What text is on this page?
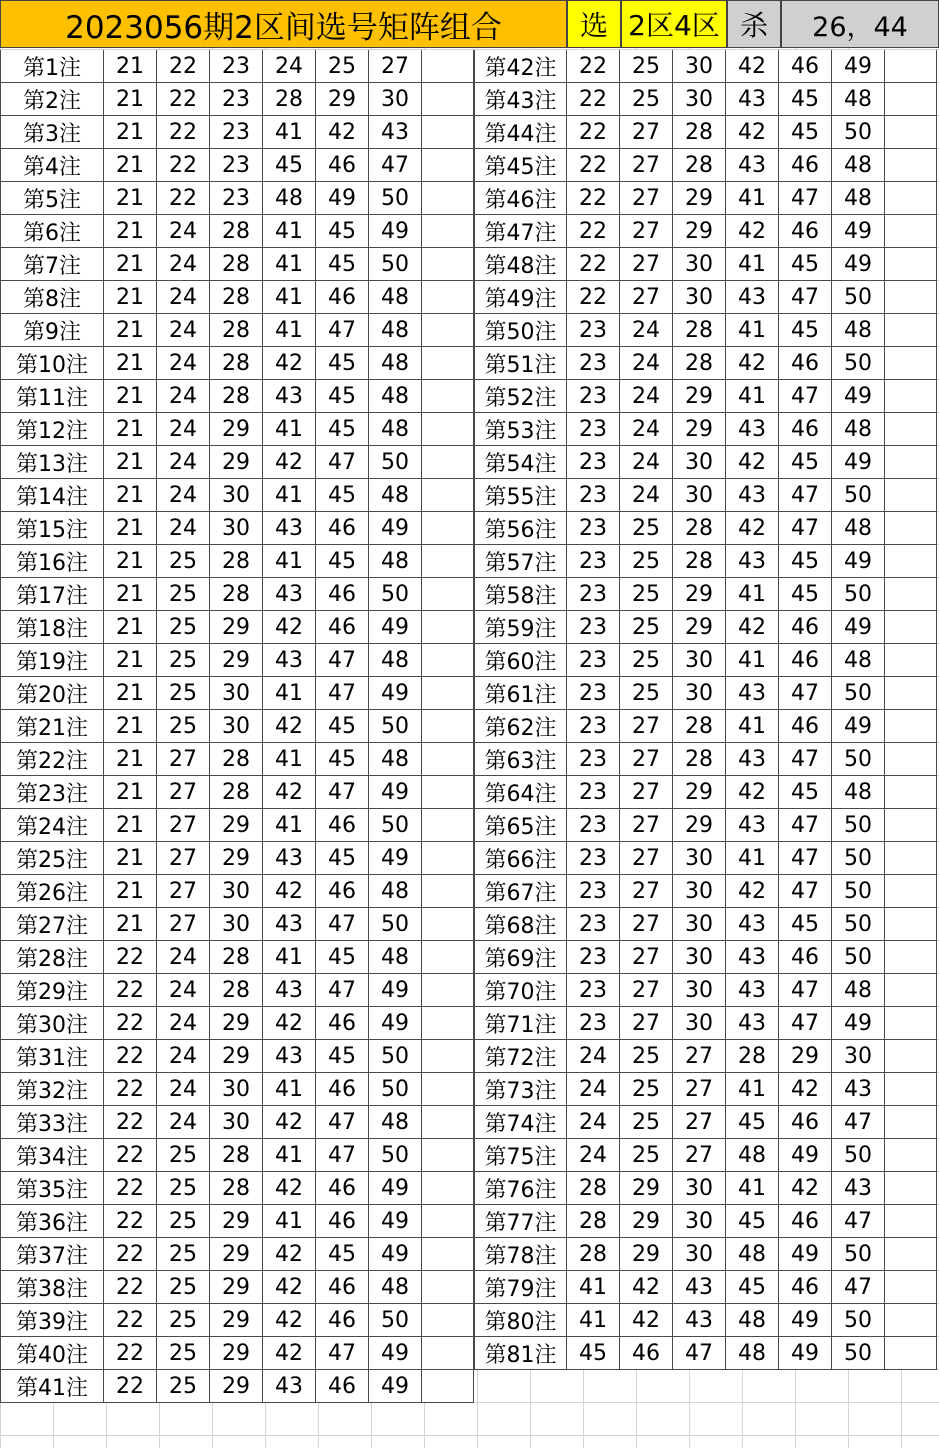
2023056期2区间选号矩阵组合	选 2区4区 杀	26，44
第1注	21	22	23	24	25	27
第2注	21	22	23	28	29	30
第3注	21	22	23	41	42	43
第4注	21	22	23	45	46	47
第5注	21	22	23	48	49	50
第6注	21	24	28	41	45	49
第7注	21	24	28	41	45	50
第8注	21	24	28	41	46	48
第9注	21	24	28	41	47	48
第10注	21	24	28	42	45	48
第11注	21	24	28	43	45	48
第12注	21	24	29	41	45	48
第13注	21	24	29	42	47	50
第14注	21	24	30	41	45	48
第15注	21	24	30	43	46	49
第16注	21	25	28	41	45	48
第17注	21	25	28	43	46	50
第18注	21	25	29	42	46	49
第19注	21	25	29	43	47	48
第20注	21	25	30	41	47	49
第21注	21	25	30	42	45	50
第22注	21	27	28	41	45	48
第23注	21	27	28	42	47	49
第24注	21	27	29	41	46	50
第25注	21	27	29	43	45	49
第26注	21	27	30	42	46	48
第27注	21	27	30	43	47	50
第28注	22	24	28	41	45	48
第29注	22	24	28	43	47	49
第30注	22	24	29	42	46	49
第31注	22	24	29	43	45	50
第32注	22	24	30	41	46	50
第33注	22	24	30	42	47	48
第34注	22	25	28	41	47	50
第35注	22	25	28	42	46	49
第36注	22	25	29	41	46	49
第37注	22	25	29	42	45	49
第38注	22	25	29	42	46	48
第39注	22	25	29	42	46	50
第40注	22	25	29	42	47	49
第41注	22	25	29	43	46	49
第42注	22	25	30	42	46	49
第43注	22	25	30	43	45	48
第44注	22	27	28	42	45	50
第45注	22	27	28	43	46	48
第46注	22	27	29	41	47	48
第47注	22	27	29	42	46	49
第48注	22	27	30	41	45	49
第49注	22	27	30	43	47	50
第50注	23	24	28	41	45	48
第51注	23	24	28	42	46	50
第52注	23	24	29	41	47	49
第53注	23	24	29	43	46	48
第54注	23	24	30	42	45	49
第55注	23	24	30	43	47	50
第56注	23	25	28	42	47	48
第57注	23	25	28	43	45	49
第58注	23	25	29	41	45	50
第59注	23	25	29	42	46	49
第60注	23	25	30	41	46	48
第61注	23	25	30	43	47	50
第62注	23	27	28	41	46	49
第63注	23	27	28	43	47	50
第64注	23	27	29	42	45	48
第65注	23	27	29	43	47	50
第66注	23	27	30	41	47	50
第67注	23	27	30	42	47	50
第68注	23	27	30	43	45	50
第69注	23	27	30	43	46	50
第70注	23	27	30	43	47	48
第71注	23	27	30	43	47	49
第72注	24	25	27	28	29	30
第73注	24	25	27	41	42	43
第74注	24	25	27	45	46	47
第75注	24	25	27	48	49	50
第76注	28	29	30	41	42	43
第77注	28	29	30	45	46	47
第78注	28	29	30	48	49	50
第79注	41	42	43	45	46	47
第80注	41	42	43	48	49	50
第81注	45	46	47	48	49	50
